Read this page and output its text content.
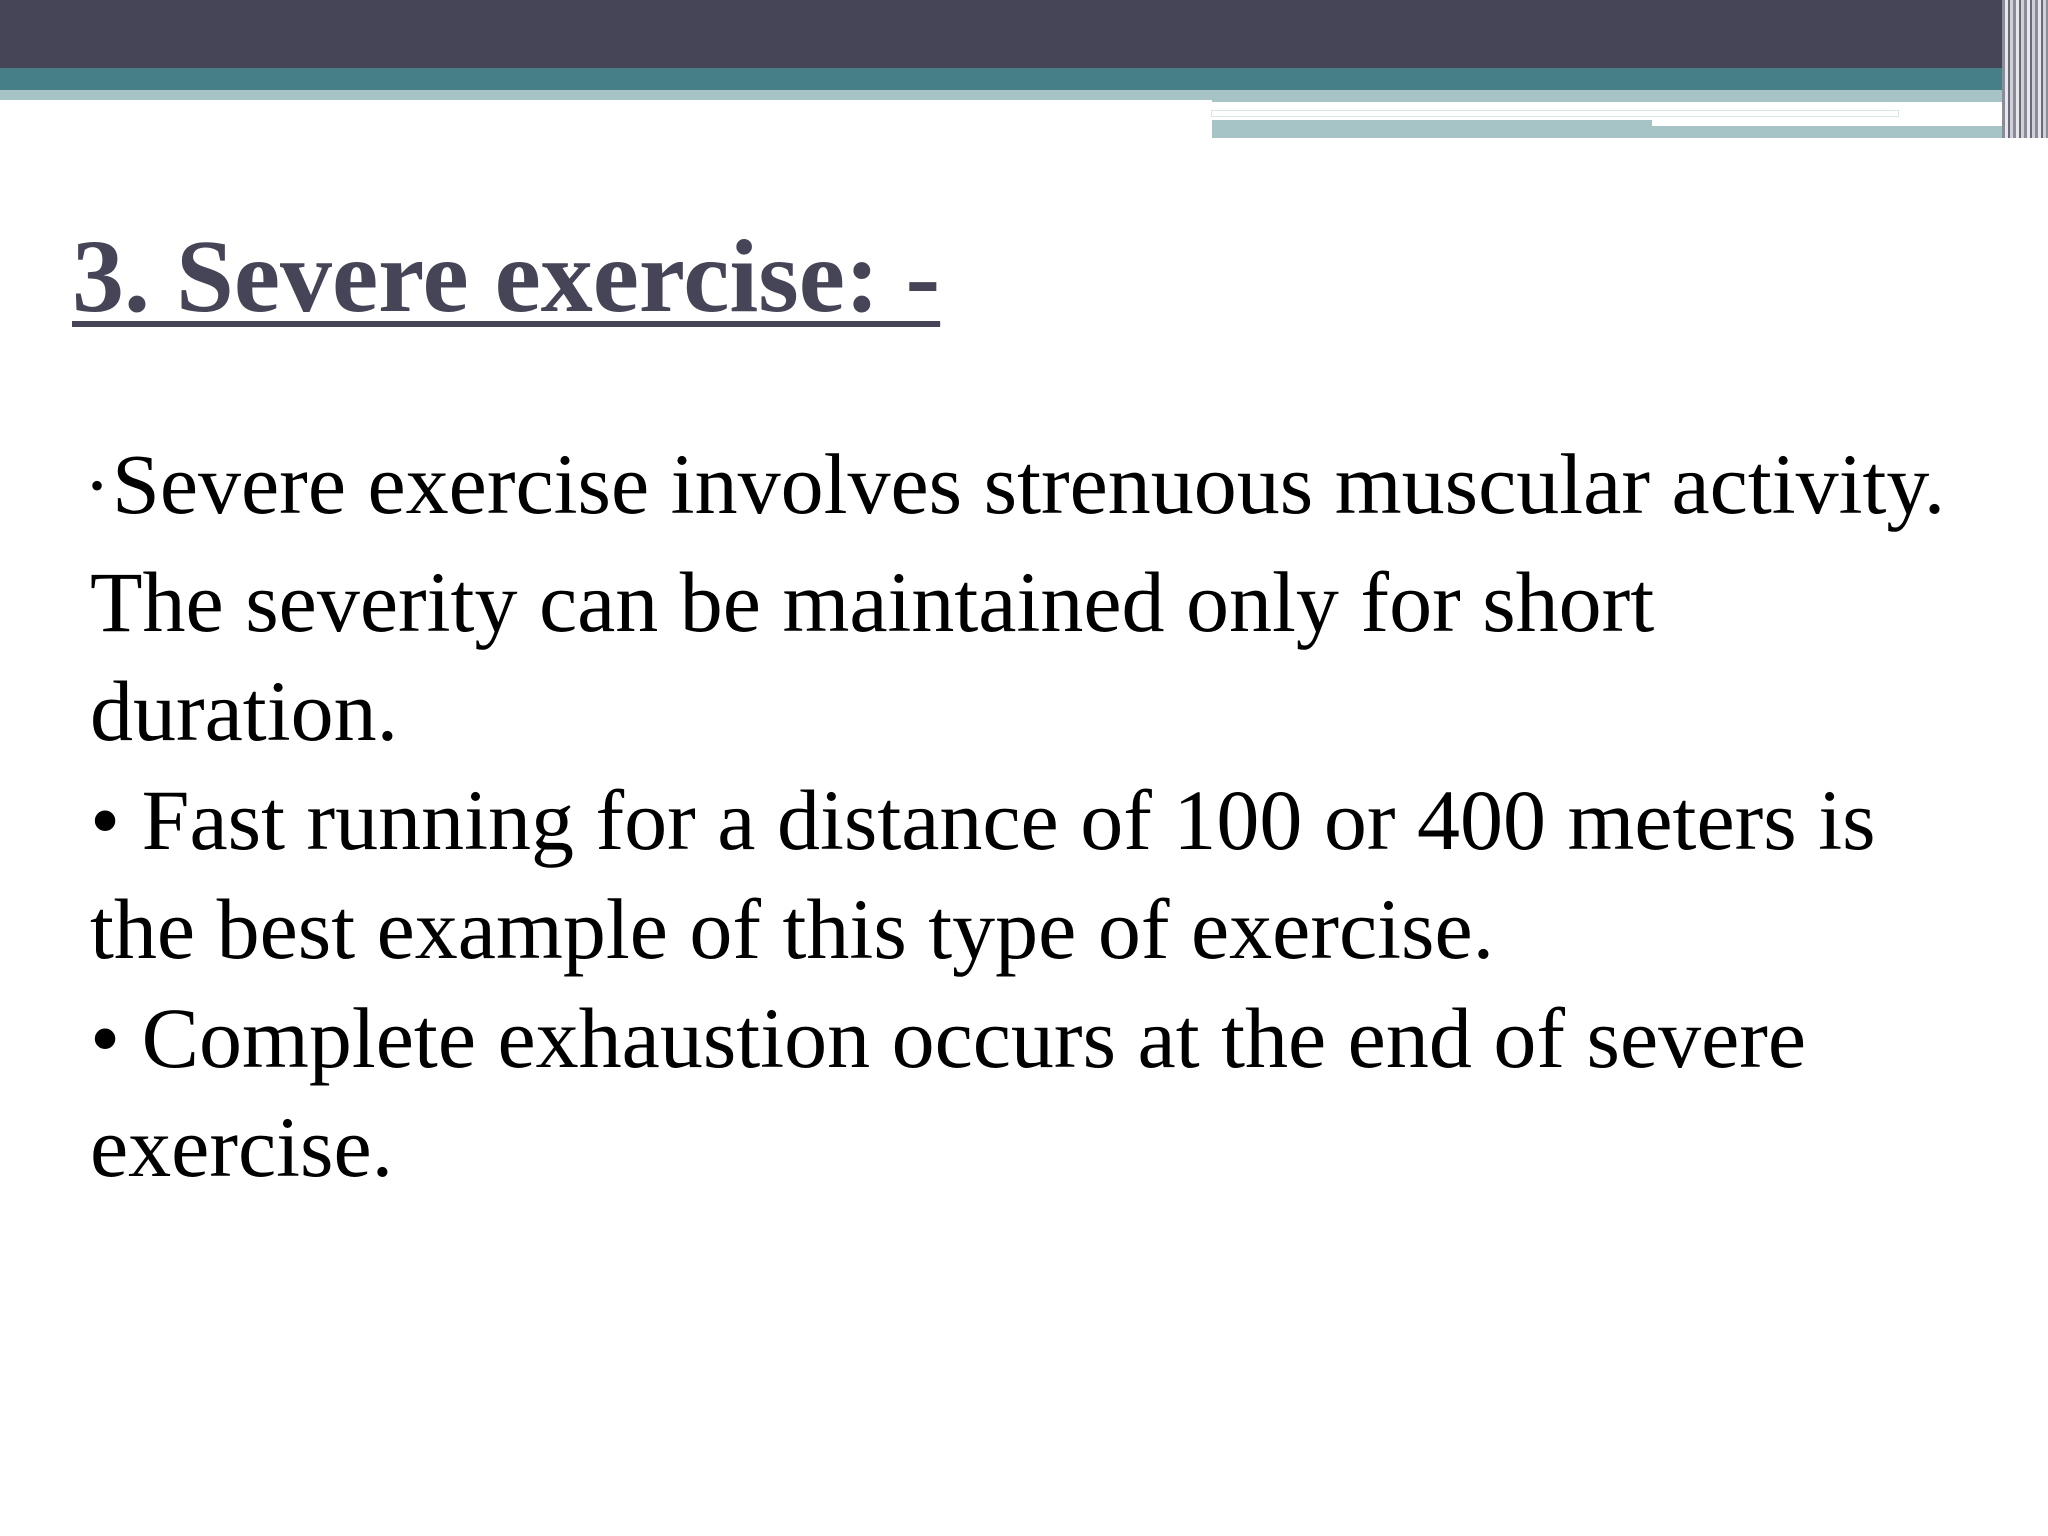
3. Severe exercise: -

•Severe exercise involves strenuous muscular activity. The severity can be maintained only for short duration.

• Fast running for a distance of 100 or 400 meters is the best example of this type of exercise.

• Complete exhaustion occurs at the end of severe exercise.
